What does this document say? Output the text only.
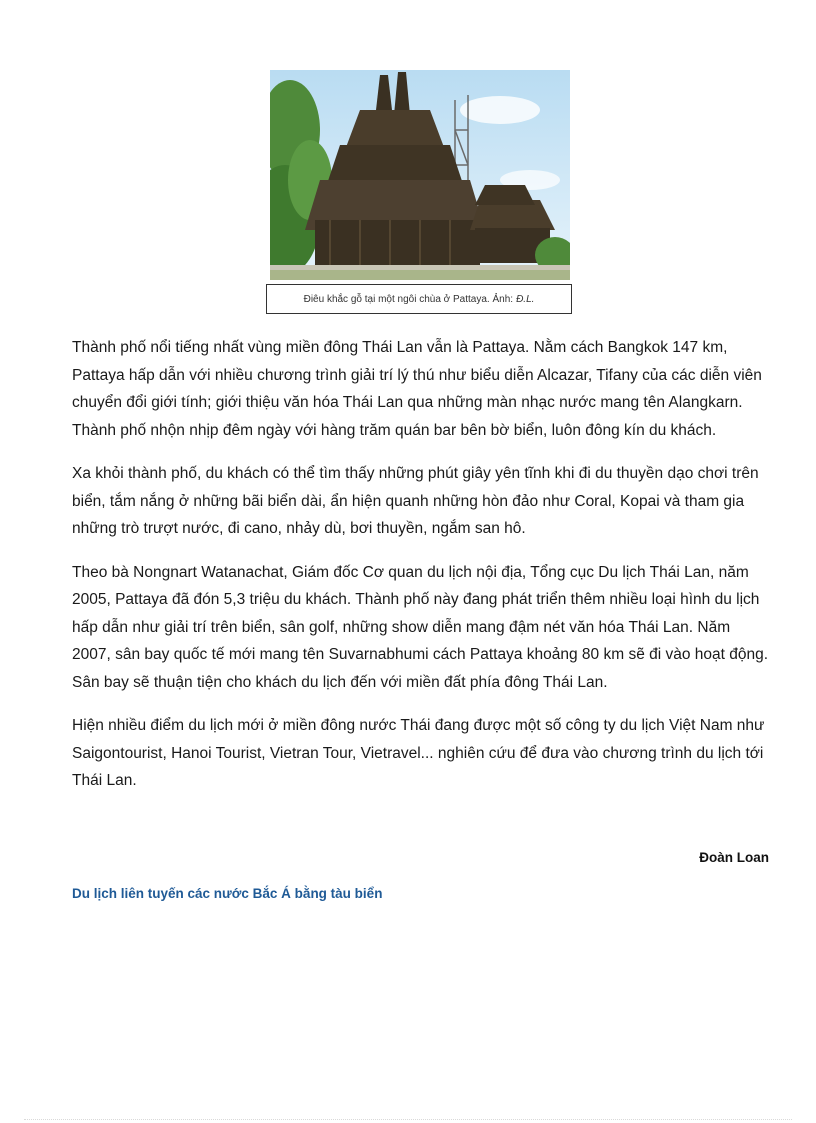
Điêu khắc gỗ tại một ngôi chùa ở Pattaya. Ảnh: Đ.L.

Thành phố nổi tiếng nhất vùng miền đông Thái Lan vẫn là Pattaya. Nằm cách Bangkok 147 km, Pattaya hấp dẫn với nhiều chương trình giải trí lý thú như biểu diễn Alcazar, Tifany của các diễn viên chuyển đổi giới tính; giới thiệu văn hóa Thái Lan qua những màn nhạc nước mang tên Alangkarn. Thành phố nhộn nhịp đêm ngày với hàng trăm quán bar bên bờ biển, luôn đông kín du khách.

Xa khỏi thành phố, du khách có thể tìm thấy những phút giây yên tĩnh khi đi du thuyền dạo chơi trên biển, tắm nắng ở những bãi biển dài, ẩn hiện quanh những hòn đảo như Coral, Kopai và tham gia những trò trượt nước, đi cano, nhảy dù, bơi thuyền, ngắm san hô.

Theo bà Nongnart Watanachat, Giám đốc Cơ quan du lịch nội địa, Tổng cục Du lịch Thái Lan, năm 2005, Pattaya đã đón 5,3 triệu du khách. Thành phố này đang phát triển thêm nhiều loại hình du lịch hấp dẫn như giải trí trên biển, sân golf, những show diễn mang đậm nét văn hóa Thái Lan. Năm 2007, sân bay quốc tế mới mang tên Suvarnabhumi cách Pattaya khoảng 80 km sẽ đi vào hoạt động. Sân bay sẽ thuận tiện cho khách du lịch đến với miền đất phía đông Thái Lan.

Hiện nhiều điểm du lịch mới ở miền đông nước Thái đang được một số công ty du lịch Việt Nam như Saigontourist, Hanoi Tourist, Vietran Tour, Vietravel... nghiên cứu để đưa vào chương trình du lịch tới Thái Lan.

Đoàn Loan
Du lịch liên tuyến các nước Bắc Á bằng tàu biển
